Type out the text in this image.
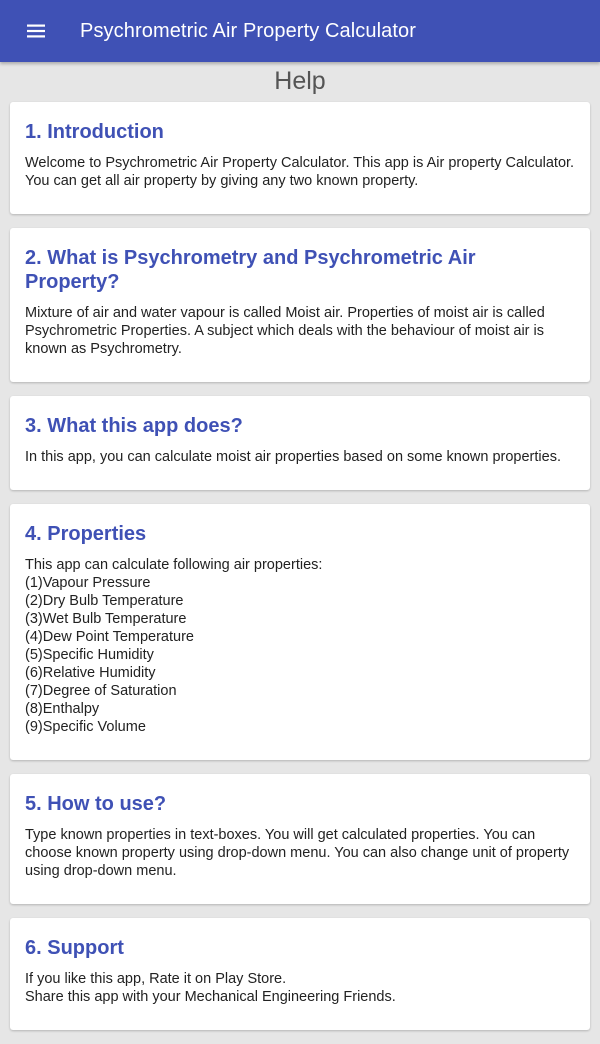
Psychrometric Air Property Calculator
Help
1. Introduction
Welcome to Psychrometric Air Property Calculator. This app is Air property Calculator. You can get all air property by giving any two known property.
2. What is Psychrometry and Psychrometric Air Property?
Mixture of air and water vapour is called Moist air. Properties of moist air is called Psychrometric Properties. A subject which deals with the behaviour of moist air is known as Psychrometry.
3. What this app does?
In this app, you can calculate moist air properties based on some known properties.
4. Properties
This app can calculate following air properties:
(1)Vapour Pressure
(2)Dry Bulb Temperature
(3)Wet Bulb Temperature
(4)Dew Point Temperature
(5)Specific Humidity
(6)Relative Humidity
(7)Degree of Saturation
(8)Enthalpy
(9)Specific Volume
5. How to use?
Type known properties in text-boxes. You will get calculated properties. You can choose known property using drop-down menu. You can also change unit of property using drop-down menu.
6. Support
If you like this app, Rate it on Play Store.
Share this app with your Mechanical Engineering Friends.
